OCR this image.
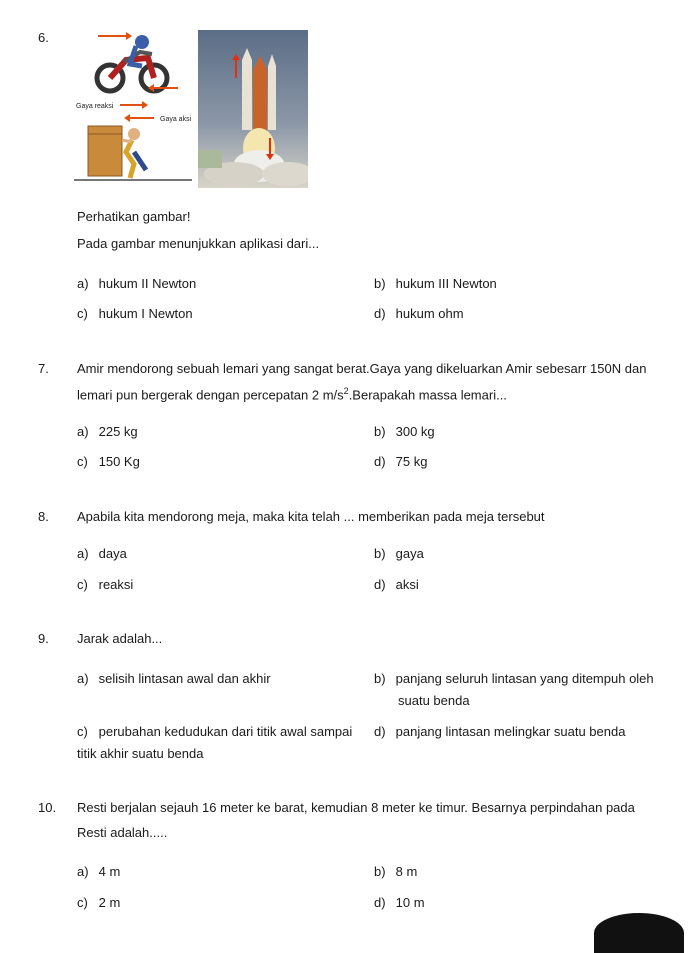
6.
Gaya reaksi
Gaya aksi
Perhatikan gambar!
Pada gambar menunjukkan aplikasi dari...
a) hukum II Newton	b) hukum III Newton
c) hukum I Newton	d) hukum ohm
7. Amir mendorong sebuah lemari yang sangat berat.Gaya yang dikeluarkan Amir sebesarr 150N dan
lemari pun bergerak dengan percepatan 2 $m/s^2.Berapakah$ massa lemari...
a) 225 kg	b) 300 kg
c) 150 Kg	d) 75 kg
8. Apabila kita mendorong meja, maka kita telah ... memberikan pada meja tersebut
a) daya	b) gaya
c) reaksi	d) aksi
9. Jarak adalah...
a) selisih lintasan awal dan akhir	b) panjang seluruh lintasan yang ditempuh oleh
suatu benda
c) perubahan kedudukan dari titik awal sampai
titik akhir suatu benda
d) panjang lintasan melingkar suatu benda
10. Resti berjalan sejauh 16 meter ke barat, kemudian 8 meter ke timur. Besarnya perpindahan pada
Resti adalah.....
a) 4 m	b) 8 m
c) 2 m	d) 10 m
